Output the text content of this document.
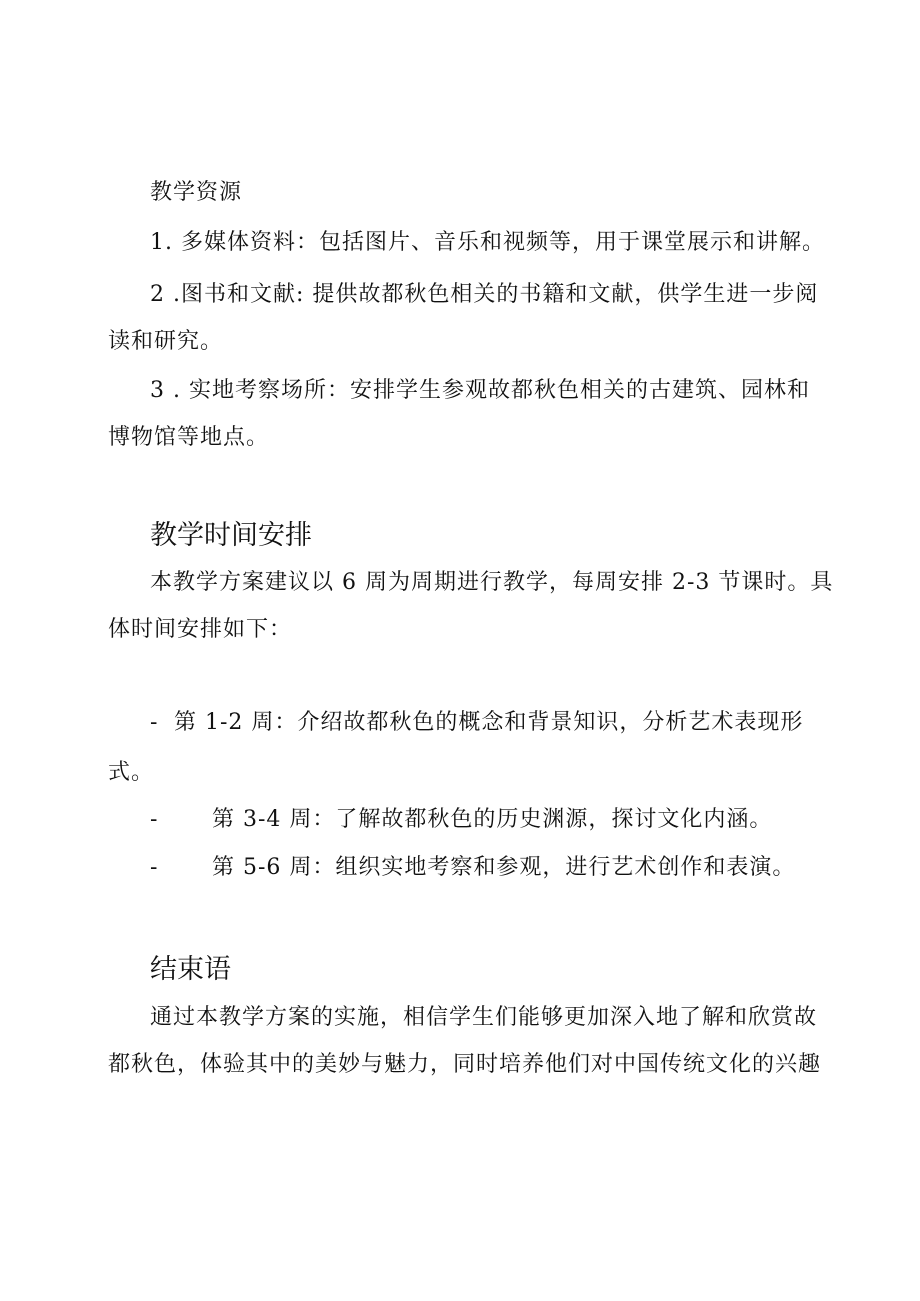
教学资源
1. 多媒体资料：包括图片、音乐和视频等，用于课堂展示和讲解。
2 .图书和文献: 提供故都秋色相关的书籍和文献，供学生进一步阅
读和研究。
3 . 实地考察场所：安排学生参观故都秋色相关的古建筑、园林和
博物馆等地点。
教学时间安排
本教学方案建议以 6 周为周期进行教学，每周安排 2-3 节课时。具
体时间安排如下：
- 第 1-2 周：介绍故都秋色的概念和背景知识，分析艺术表现形
式。
- 第 3-4 周：了解故都秋色的历史渊源，探讨文化内涵。
- 第 5-6 周：组织实地考察和参观，进行艺术创作和表演。
结束语
通过本教学方案的实施，相信学生们能够更加深入地了解和欣赏故
都秋色，体验其中的美妙与魅力，同时培养他们对中国传统文化的兴趣
